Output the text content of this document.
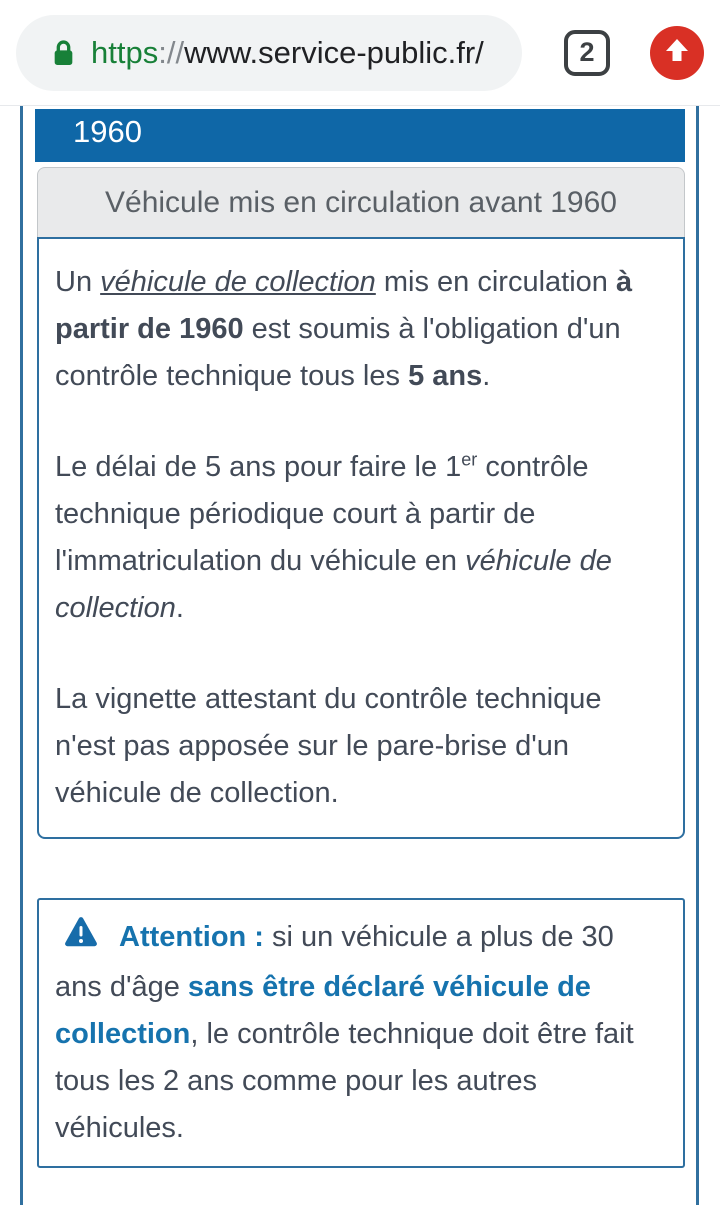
https://www.service-public.fr/	2
1960
Véhicule mis en circulation avant 1960

Un véhicule de collection mis en circulation à partir de 1960 est soumis à l'obligation d'un contrôle technique tous les 5 ans.

Le délai de 5 ans pour faire le 1er contrôle technique périodique court à partir de l'immatriculation du véhicule en véhicule de collection.

La vignette attestant du contrôle technique n'est pas apposée sur le pare-brise d'un véhicule de collection.

Attention : si un véhicule a plus de 30 ans d'âge sans être déclaré véhicule de collection, le contrôle technique doit être fait tous les 2 ans comme pour les autres véhicules.
